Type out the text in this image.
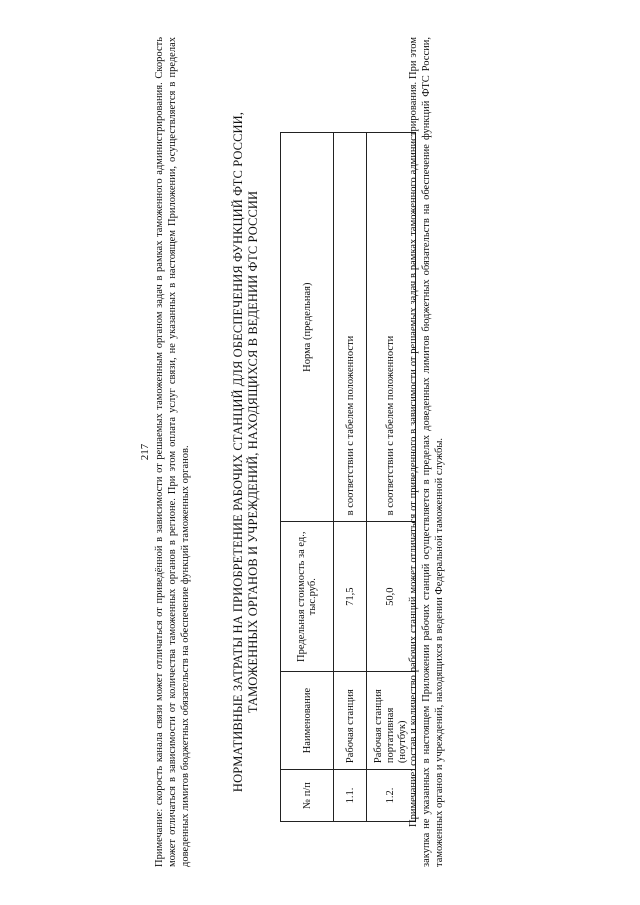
217 Примечание: скорость канала связи может отличаться от приведённой в зависимости от решаемых таможенным органом задач в рамках таможенного администрирования. Скорость может отличаться в зависимости от количества таможенных органов в регионе. При этом оплата услуг связи, не указанных в настоящем Приложении, осуществляется в пределах доведенных лимитов бюджетных обязательств на обеспечение функций таможенных органов.	НОРМАТИВНЫЕ ЗАТРАТЫ НА ПРИОБРЕТЕНИЕ РАБОЧИХ СТАНЦИЙ ДЛЯ ОБЕСПЕЧЕНИЯ ФУНКЦИЙ ФТС РОССИИ, ТАМОЖЕННЫХ ОРГАНОВ И УЧРЕЖДЕНИЙ, НАХОДЯЩИХСЯ В ВЕДЕНИИ ФТС РОССИИ
№ п/п	Наименование	Предельная стоимость за ед., тыс.руб.	Норма (предельная)
1.1.	Рабочая станция	71,5	в соответствии с табелем положенности
1.2.	Рабочая станция портативная (ноутбук)	50,0	в соответствии с табелем положенности Примечание: состав и количество рабочих станций может отличаться от приведенного в зависимости от решаемых задач в рамках таможенного администрирования. При этом закупка не указанных в настоящем Приложении рабочих станций осуществляется в пределах доведенных лимитов бюджетных обязательств на обеспечение функций ФТС России, таможенных органов и учреждений, находящихся в ведении Федеральной таможенной службы.
